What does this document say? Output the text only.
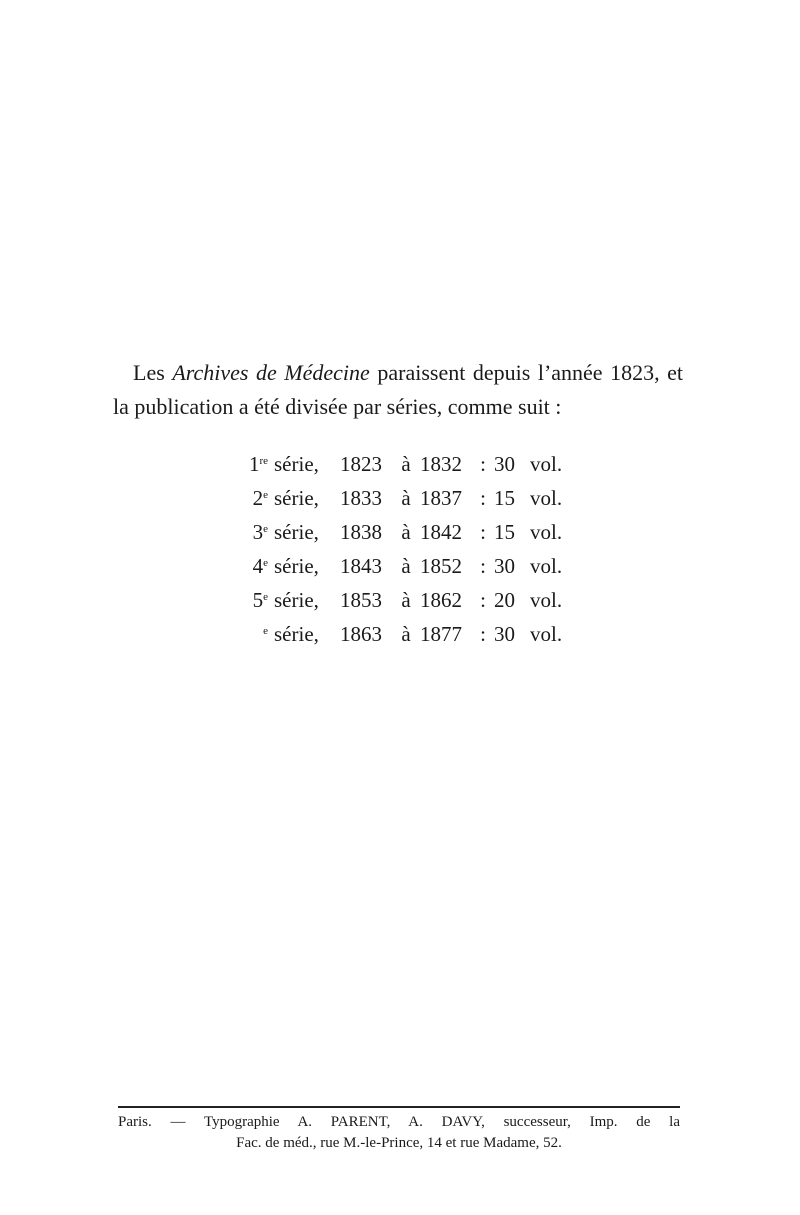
Les Archives de Médecine paraissent depuis l’année 1823, et
la publication a été divisée par séries, comme suit :
1re	série,	1823	à	1832	:	30	vol.
2e	série,	1833	à	1837	:	15	vol.
3e	série,	1838	à	1842	:	15	vol.
4e	série,	1843	à	1852	:	30	vol.
5e	série,	1853	à	1862	:	20	vol.
$^e$	série,	1863	à	1877	:	30	vol.
Paris. — Typographie A. PARENT, A. DAVY, successeur, Imp. de la
Fac. de méd., rue M.-le-Prince, 14 et rue Madame, 52.
